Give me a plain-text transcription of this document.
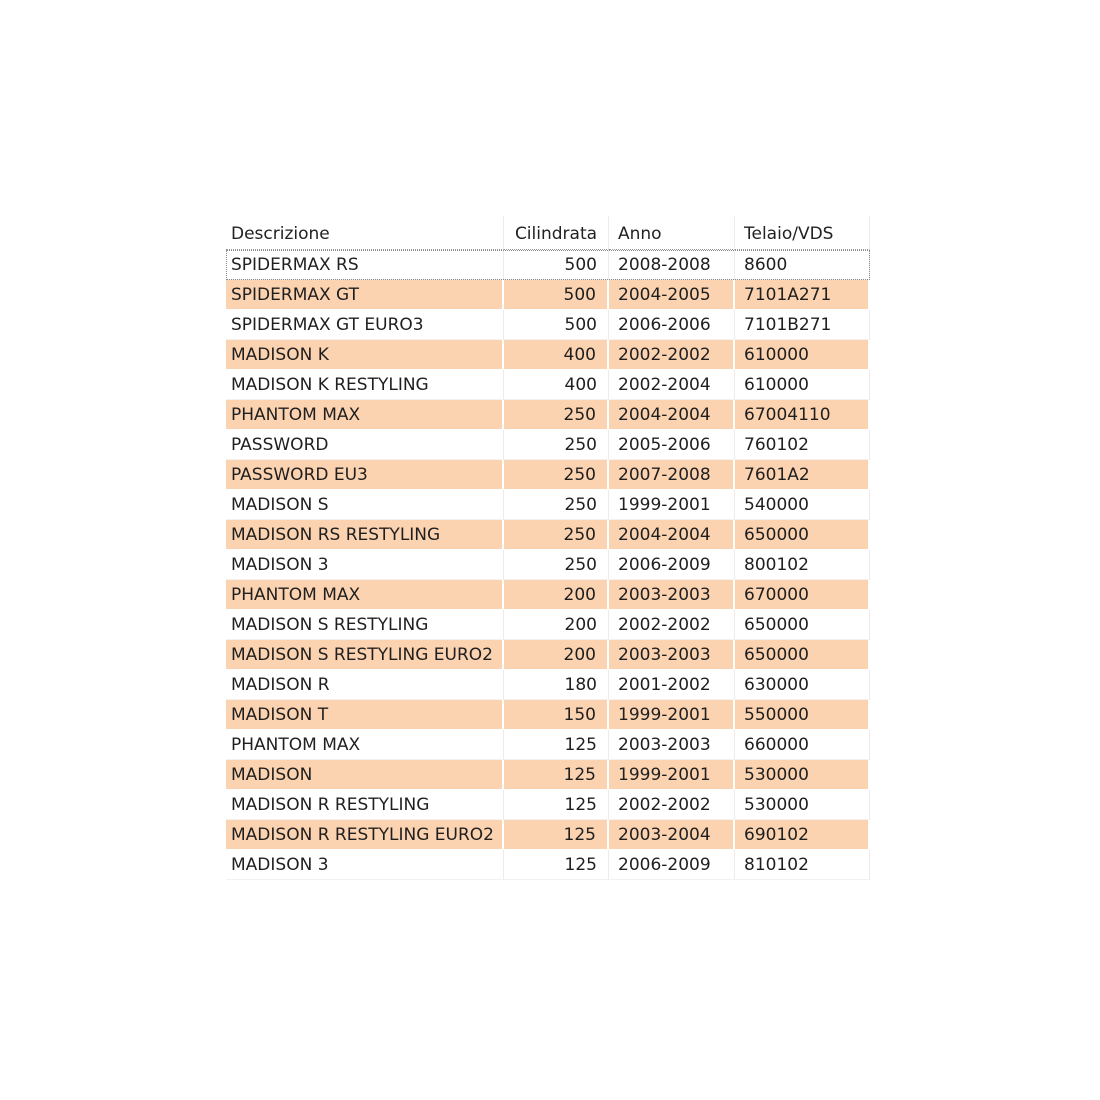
Descrizione	Cilindrata	Anno	Telaio/VDS
SPIDERMAX RS	500	2008-2008	8600
SPIDERMAX GT	500	2004-2005	7101A271
SPIDERMAX GT EURO3	500	2006-2006	7101B271
MADISON K	400	2002-2002	610000
MADISON K RESTYLING	400	2002-2004	610000
PHANTOM MAX	250	2004-2004	67004110
PASSWORD	250	2005-2006	760102
PASSWORD EU3	250	2007-2008	7601A2
MADISON S	250	1999-2001	540000
MADISON RS RESTYLING	250	2004-2004	650000
MADISON 3	250	2006-2009	800102
PHANTOM MAX	200	2003-2003	670000
MADISON S RESTYLING	200	2002-2002	650000
MADISON S RESTYLING EURO2	200	2003-2003	650000
MADISON R	180	2001-2002	630000
MADISON T	150	1999-2001	550000
PHANTOM MAX	125	2003-2003	660000
MADISON	125	1999-2001	530000
MADISON R RESTYLING	125	2002-2002	530000
MADISON R RESTYLING EURO2	125	2003-2004	690102
MADISON 3	125	2006-2009	810102
